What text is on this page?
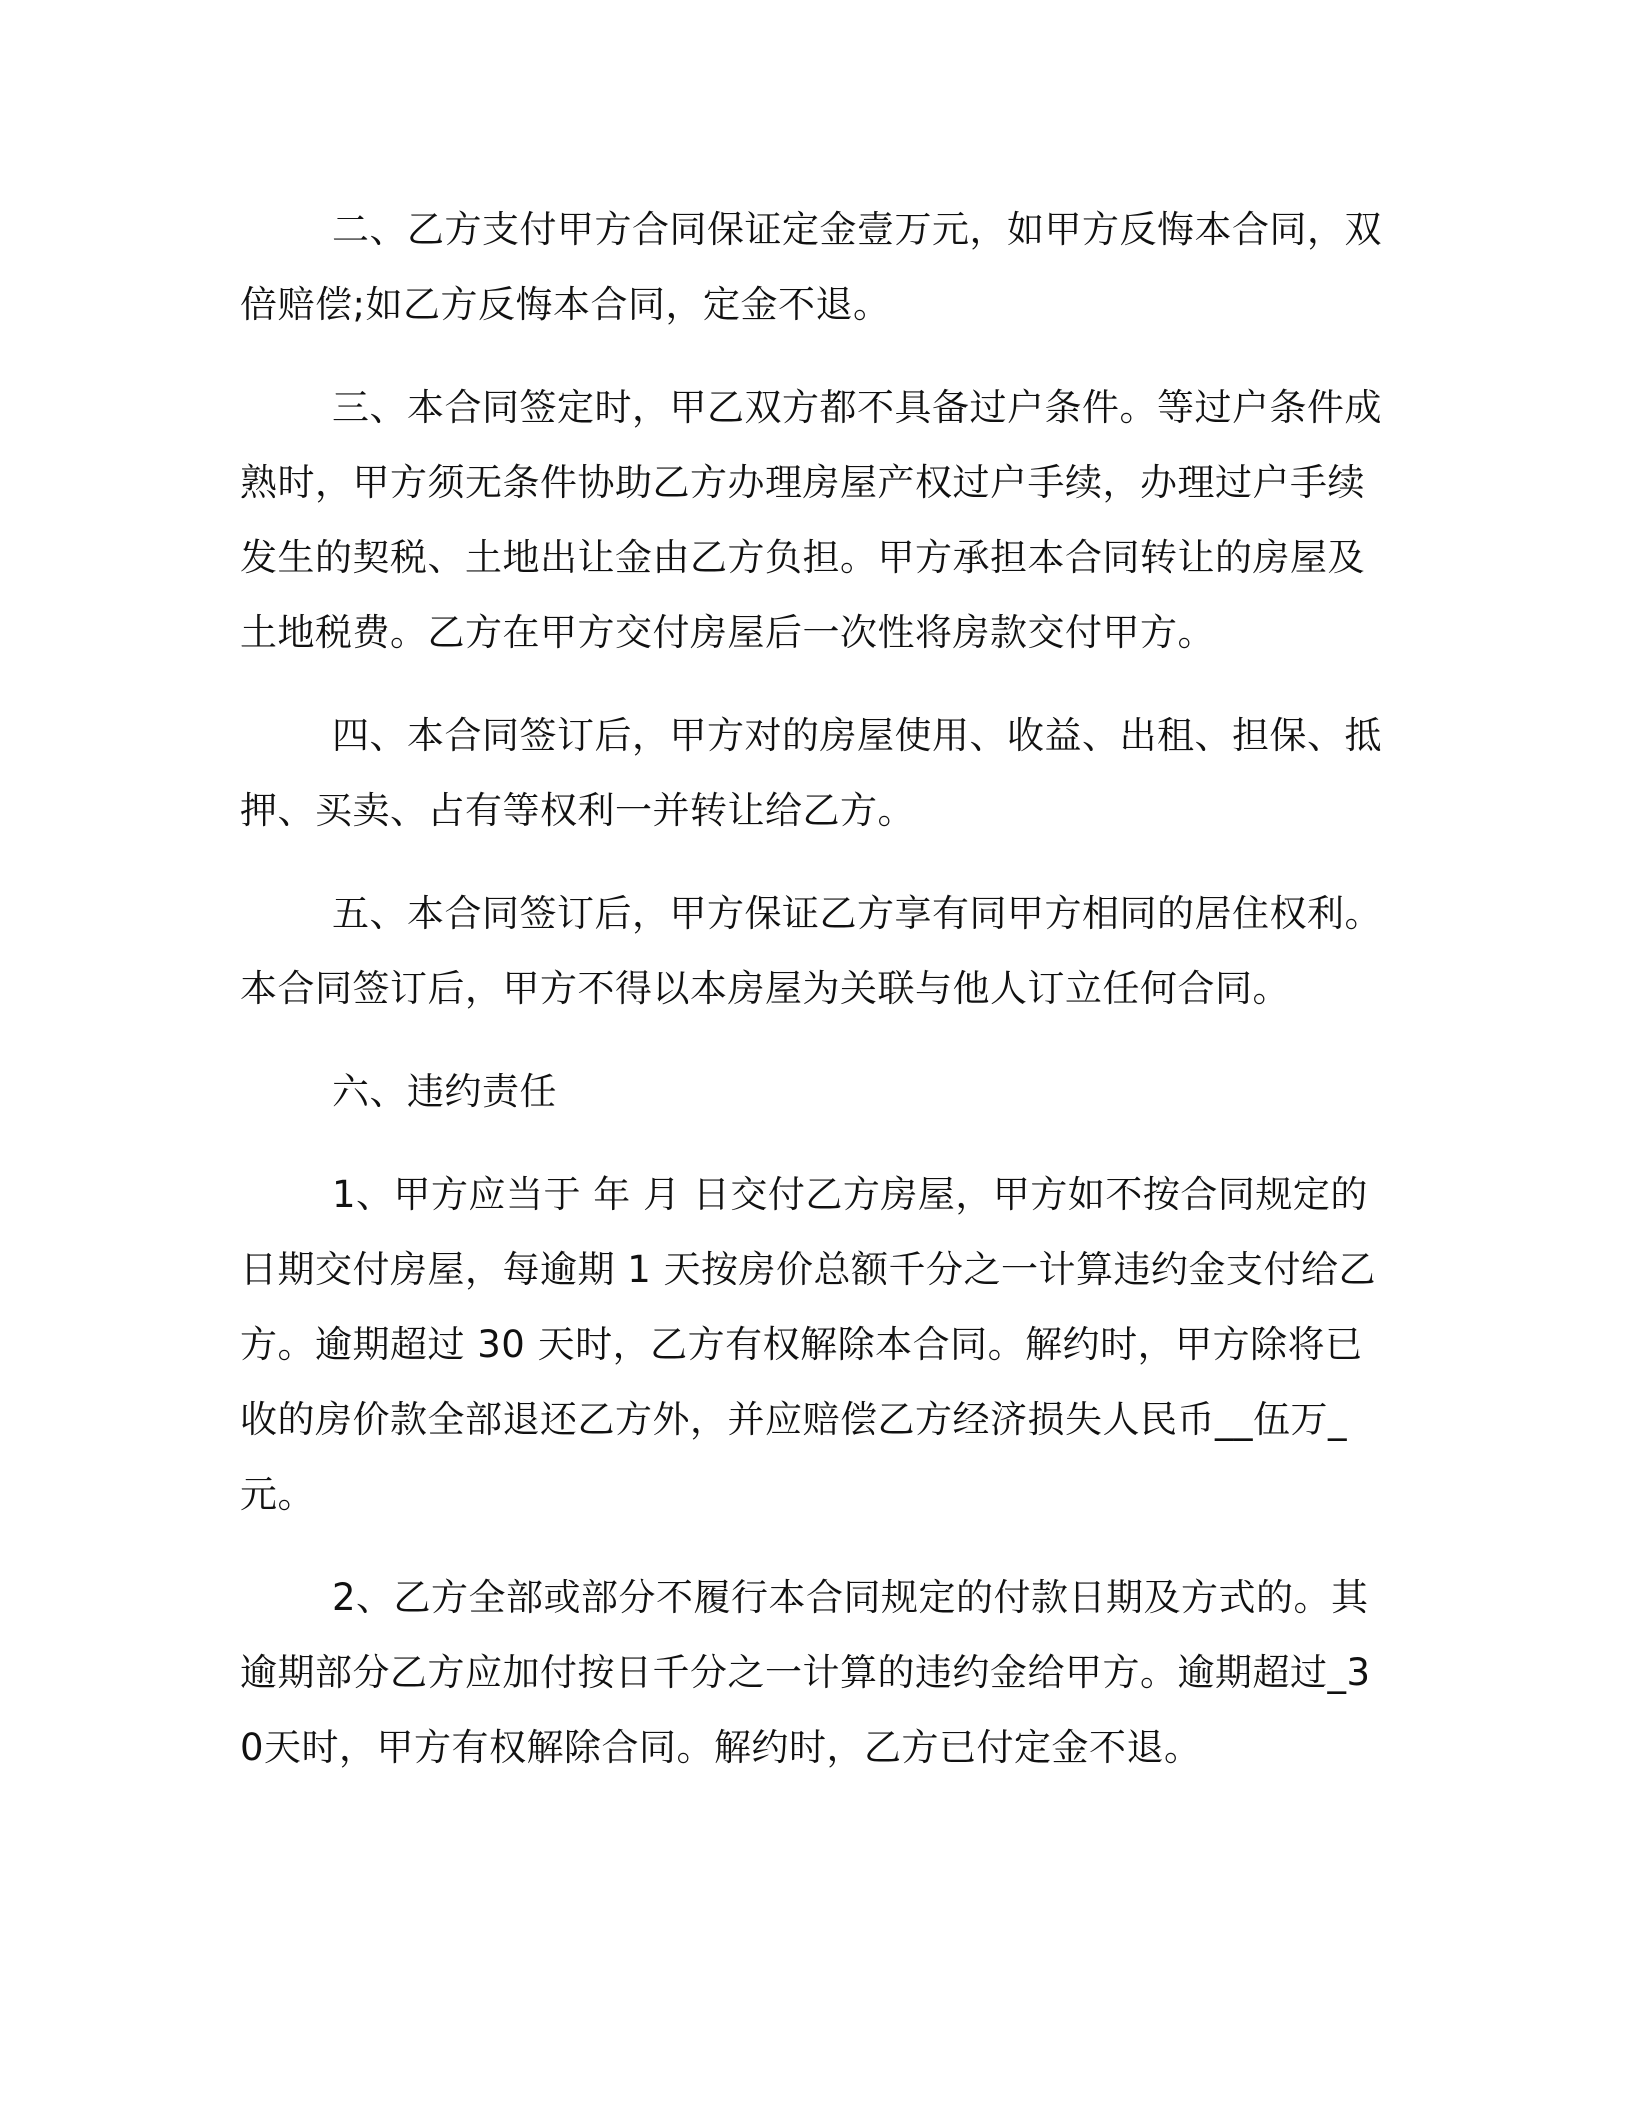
二、乙方支付甲方合同保证定金壹万元，如甲方反悔本合同，双倍赔偿;如乙方反悔本合同，定金不退。

三、本合同签定时，甲乙双方都不具备过户条件。等过户条件成熟时，甲方须无条件协助乙方办理房屋产权过户手续，办理过户手续发生的契税、土地出让金由乙方负担。甲方承担本合同转让的房屋及土地税费。乙方在甲方交付房屋后一次性将房款交付甲方。

四、本合同签订后，甲方对的房屋使用、收益、出租、担保、抵押、买卖、占有等权利一并转让给乙方。

五、本合同签订后，甲方保证乙方享有同甲方相同的居住权利。本合同签订后，甲方不得以本房屋为关联与他人订立任何合同。

六、违约责任

1、甲方应当于 年 月 日交付乙方房屋，甲方如不按合同规定的日期交付房屋，每逾期 1 天按房价总额千分之一计算违约金支付给乙方。逾期超过 30 天时，乙方有权解除本合同。解约时，甲方除将已收的房价款全部退还乙方外，并应赔偿乙方经济损失人民币__伍万_元。

2、乙方全部或部分不履行本合同规定的付款日期及方式的。其逾期部分乙方应加付按日千分之一计算的违约金给甲方。逾期超过_30天时，甲方有权解除合同。解约时，乙方已付定金不退。
